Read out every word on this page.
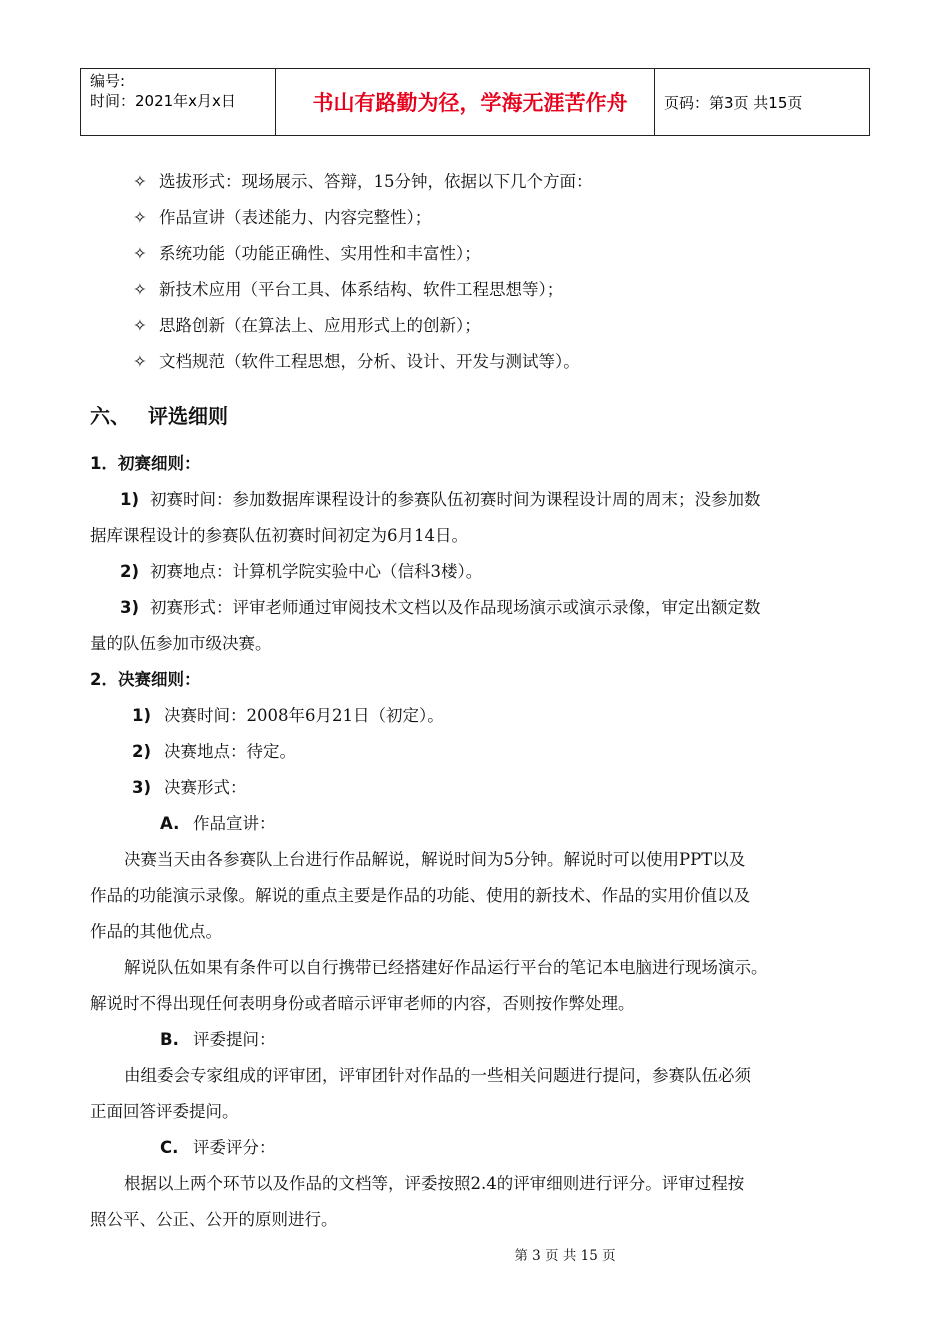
编号:
时间：2021年x月x日	书山有路勤为径，学海无涯苦作舟	页码：第3页 共15页
✧ 选拔形式：现场展示、答辩，15分钟，依据以下几个方面：
✧ 作品宣讲（表述能力、内容完整性）；
✧ 系统功能（功能正确性、实用性和丰富性）；
✧ 新技术应用（平台工具、体系结构、软件工程思想等）；
✧ 思路创新（在算法上、应用形式上的创新）；
✧ 文档规范（软件工程思想，分析、设计、开发与测试等）。
六、 评选细则
1．初赛细则：
1) 初赛时间：参加数据库课程设计的参赛队伍初赛时间为课程设计周的周末；没参加数
据库课程设计的参赛队伍初赛时间初定为6月14日。
2) 初赛地点：计算机学院实验中心（信科3楼）。
3) 初赛形式：评审老师通过审阅技术文档以及作品现场演示或演示录像，审定出额定数
量的队伍参加市级决赛。
2．决赛细则：
1) 决赛时间：2008年6月21日（初定）。
2) 决赛地点：待定。
3) 决赛形式：
A. 作品宣讲：
决赛当天由各参赛队上台进行作品解说，解说时间为5分钟。解说时可以使用PPT以及
作品的功能演示录像。解说的重点主要是作品的功能、使用的新技术、作品的实用价值以及
作品的其他优点。
解说队伍如果有条件可以自行携带已经搭建好作品运行平台的笔记本电脑进行现场演示。
解说时不得出现任何表明身份或者暗示评审老师的内容，否则按作弊处理。
B. 评委提问：
由组委会专家组成的评审团，评审团针对作品的一些相关问题进行提问，参赛队伍必须
正面回答评委提问。
C. 评委评分：
根据以上两个环节以及作品的文档等，评委按照2.4的评审细则进行评分。评审过程按
照公平、公正、公开的原则进行。
第 3 页 共 15 页
